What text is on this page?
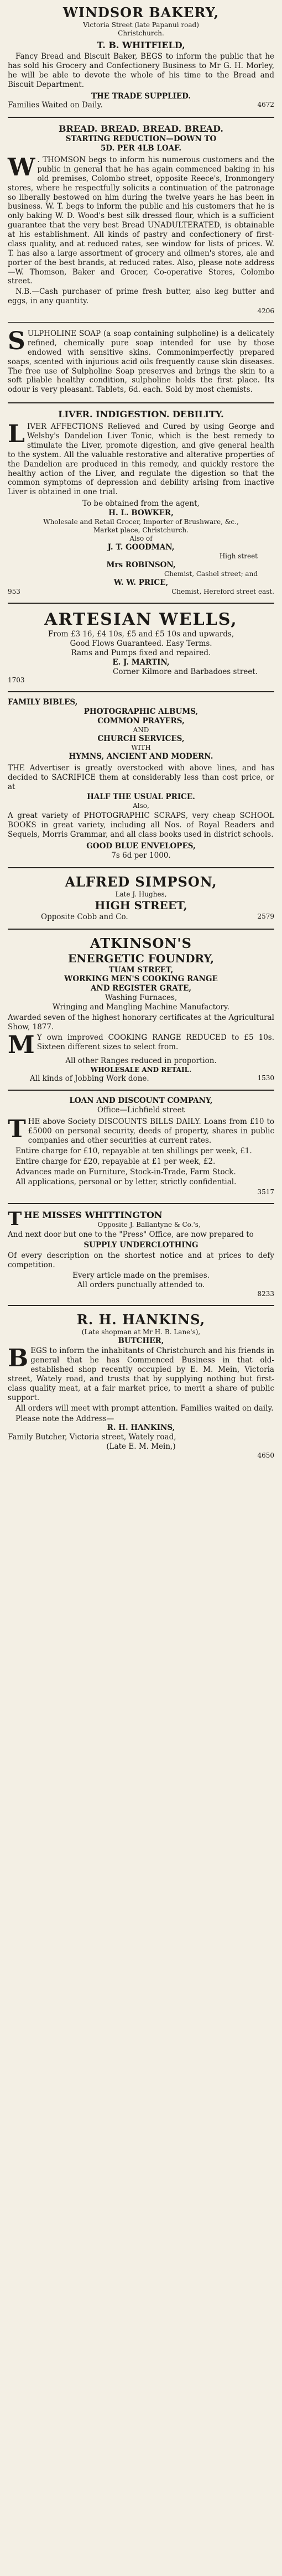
WINDSOR BAKERY,
Victoria Street (late Papanui road)
Christchurch.
T. B. WHITFIELD,

Fancy Bread and Biscuit Baker, BEGS to inform the public that he has sold his Grocery and Confectionery Business to Mr G. H. Morley, he will be able to devote the whole of his time to the Bread and Biscuit Department.

THE TRADE SUPPLIED.
Families Waited on Daily.	4672
BREAD. BREAD. BREAD. BREAD.
STARTING REDUCTION—DOWN TO
5D. PER 4LB LOAF.

W . THOMSON begs to inform his numerous customers and the public in general that he has again commenced baking in his old premises, Colombo street, opposite Reece's, Ironmongery stores, where he respectfully solicits a continuation of the patronage so liberally bestowed on him during the twelve years he has been in business. W. T. begs to inform the public and his customers that he is only baking W. D. Wood's best silk dressed flour, which is a sufficient guarantee that the very best Bread UNADULTERATED, is obtainable at his establishment. All kinds of pastry and confectionery of first-class quality, and at reduced rates, see window for lists of prices. W. T. has also a large assortment of grocery and oilmen's stores, ale and porter of the best brands, at reduced rates. Also, please note address—W. Thomson, Baker and Grocer, Co-operative Stores, Colombo street.

N.B.—Cash purchaser of prime fresh butter, also keg butter and eggs, in any quantity.

4206

SULPHOLINE SOAP (a soap containing sulpholine) is a delicately refined, chemically pure soap intended for use by those endowed with sensitive skins. Commonimperfectly prepared soaps, scented with injurious acid oils frequently cause skin diseases. The free use of Sulpholine Soap preserves and brings the skin to a soft pliable healthy condition, sulpholine holds the first place. Its odour is very pleasant. Tablets, 6d. each. Sold by most chemists.

LIVER. INDIGESTION. DEBILITY.

LIVER AFFECTIONS Relieved and Cured by using George and Welsby's Dandelion Liver Tonic, which is the best remedy to stimulate the Liver, promote digestion, and give general health to the system. All the valuable restorative and alterative properties of the Dandelion are produced in this remedy, and quickly restore the healthy action of the Liver, and regulate the digestion so that the common symptoms of depression and debility arising from inactive Liver is obtained in one trial.

To be obtained from the agent,
H. L. BOWKER,
Wholesale and Retail Grocer, Importer of Brushware, &c.,
Market place, Christchurch.
Also of
J. T. GOODMAN,
High street
Mrs ROBINSON,
Chemist, Cashel street; and
W. W. PRICE,
953	Chemist, Hereford street east.
ARTESIAN WELLS,
From £3 16, £4 10s, £5 and £5 10s and upwards,
Good Flows Guaranteed. Easy Terms.
Rams and Pumps fixed and repaired.
E. J. MARTIN,
Corner Kilmore and Barbadoes street.
1703
FAMILY BIBLES,
PHOTOGRAPHIC ALBUMS,
COMMON PRAYERS,
AND
CHURCH SERVICES,
WITH
HYMNS, ANCIENT AND MODERN.

THE Advertiser is greatly overstocked with above lines, and has decided to SACRIFICE them at considerably less than cost price, or at

HALF THE USUAL PRICE.
Also,

A great variety of PHOTOGRAPHIC SCRAPS, very cheap SCHOOL BOOKS in great variety, including all Nos. of Royal Readers and Sequels, Morris Grammar, and all class books used in district schools.

GOOD BLUE ENVELOPES,
7s 6d per 1000.
ALFRED SIMPSON,
Late J. Hughes,
HIGH STREET,
Opposite Cobb and Co.	2579
ATKINSON'S
ENERGETIC FOUNDRY,
TUAM STREET,
WORKING MEN'S COOKING RANGE
AND REGISTER GRATE,
Washing Furnaces,
Wringing and Mangling Machine Manufactory.

Awarded seven of the highest honorary certificates at the Agricultural Show, 1877.

M Y own improved COOKING RANGE REDUCED to £5 10s. Sixteen different sizes to select from.

All other Ranges reduced in proportion.
WHOLESALE AND RETAIL.
All kinds of Jobbing Work done.	1530
LOAN AND DISCOUNT COMPANY,
Office—Lichfield street

THE above Society DISCOUNTS BILLS DAILY. Loans from £10 to £5000 on personal security, deeds of property, shares in public companies and other securities at current rates.

Entire charge for £10, repayable at ten shillings per week, £1.

Entire charge for £20, repayable at £1 per week, £2.

Advances made on Furniture, Stock-in-Trade, Farm Stock.

All applications, personal or by letter, strictly confidential.

3517
THE MISSES WHITTINGTON
Opposite J. Ballantyne & Co.'s,

And next door but one to the "Press" Office, are now prepared to

SUPPLY UNDERCLOTHING

Of every description on the shortest notice and at prices to defy competition.

Every article made on the premises.
All orders punctually attended to.
8233
R. H. HANKINS,
(Late shopman at Mr H. B. Lane's),
BUTCHER,

BEGS to inform the inhabitants of Christchurch and his friends in general that he has Commenced Business in that old-established shop recently occupied by E. M. Mein, Victoria street, Wately road, and trusts that by supplying nothing but first-class quality meat, at a fair market price, to merit a share of public support.

All orders will meet with prompt attention. Families waited on daily.

Please note the Address—
R. H. HANKINS,
Family Butcher, Victoria street, Wately road,
(Late E. M. Mein,)
4650
